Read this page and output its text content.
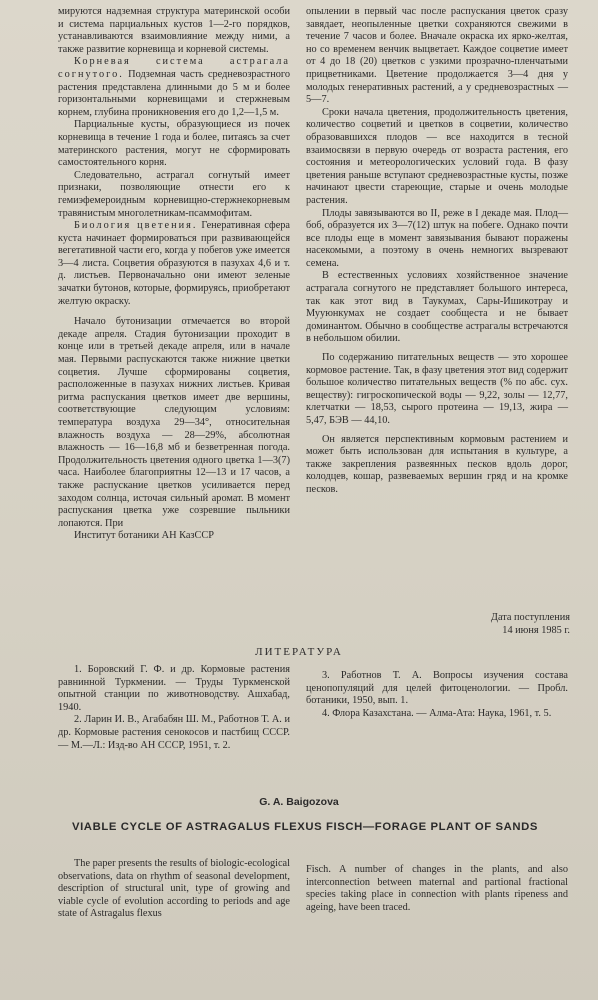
мируются надземная структура материнской особи и система парциальных кустов 1—2-го порядков, устанавливаются взаимовлияние между ними, а также развитие корневища и корневой системы.

Корневая система астрагала согнутого. Подземная часть средневозрастного растения представлена длинными до 5 м и более горизонтальными корневищами и стержневым корнем, глубина проникновения его до 1,2—1,5 м.

Парциальные кусты, образующиеся из почек корневища в течение 1 года и более, питаясь за счет материнского растения, могут не сформировать самостоятельного корня.

Следовательно, астрагал согнутый имеет признаки, позволяющие отнести его к гемиэфемероидным корневищно-стержнекорневым травянистым многолетникам-псаммофитам.

Биология цветения. Генеративная сфера куста начинает формироваться при развивающейся вегетативной части его, когда у побегов уже имеется 3—4 листа. Соцветия образуются в пазухах 4,6 и т. д. листьев. Первоначально они имеют зеленые зачатки бутонов, которые, формируясь, приобретают желтую окраску.

Начало бутонизации отмечается во второй декаде апреля. Стадия бутонизации проходит в конце или в третьей декаде апреля, или в начале мая. Первыми распускаются также нижние цветки соцветия. Лучше сформированы соцветия, расположенные в пазухах нижних листьев. Кривая ритма распускания цветков имеет две вершины, соответствующие следующим условиям: температура воздуха 29—34°, относительная влажность воздуха — 28—29%, абсолютная влажность — 16—16,8 мб и безветренная погода. Продолжительность цветения одного цветка 1—3(7) часа. Наиболее благоприятны 12—13 и 17 часов, а также распускание цветков усиливается перед заходом солнца, источая сильный аромат. В момент распускания цветка уже созревшие пыльники лопаются. При

Институт ботаники АН КазССР

опылении в первый час после распускания цветок сразу завядает, неопыленные цветки сохраняются свежими в течение 7 часов и более. Вначале окраска их ярко-желтая, но со временем венчик выцветает. Каждое соцветие имеет от 4 до 18 (20) цветков с узкими прозрачно-пленчатыми прицветниками. Цветение продолжается 3—4 дня у молодых генеративных растений, а у средневозрастных — 5—7.

Сроки начала цветения, продолжительность цветения, количество соцветий и цветков в соцветии, количество образовавшихся плодов — все находится в тесной взаимосвязи в первую очередь от возраста растения, его состояния и метеорологических условий года. В фазу цветения раньше вступают средневозрастные кусты, позже начинают цвести стареющие, старые и очень молодые растения.

Плоды завязываются во II, реже в I декаде мая. Плод—боб, образуется их 3—7(12) штук на побеге. Однако почти все плоды еще в момент завязывания бывают поражены насекомыми, а поэтому в очень немногих вызревают семена.

В естественных условиях хозяйственное значение астрагала согнутого не представляет большого интереса, так как этот вид в Таукумах, Сары-Ишикотрау и Мууюнкумах не создает сообщеста и не бывает доминантом. Обычно в сообществе астрагалы встречаются в небольшом обилии.

По содержанию питательных веществ — это хорошее кормовое растение. Так, в фазу цветения этот вид содержит большое количество питательных веществ (% по абс. сух. веществу): гигроскопической воды — 9,22, золы — 12,77, клетчатки — 18,53, сырого протеина — 19,13, жира — 5,47, БЭВ — 44,10.

Он является перспективным кормовым растением и может быть использован для испытания в культуре, а также закрепления развеянных песков вдоль дорог, колодцев, кошар, развеваемых вершин гряд и на кромке песков.

Дата поступления
14 июня 1985 г.
ЛИТЕРАТУРА

1. Боровский Г. Ф. и др. Кормовые растения равнинной Туркмении. — Труды Туркменской опытной станции по животноводству. Ашхабад, 1940.

2. Ларин И. В., Агабабян Ш. М., Работнов Т. А. и др. Кормовые растения сенокосов и пастбищ СССР. — М.—Л.: Изд-во АН СССР, 1951, т. 2.

3. Работнов Т. А. Вопросы изучения состава ценопопуляций для целей фитоценологии. — Пробл. ботаники, 1950, вып. 1.

4. Флора Казахстана. — Алма-Ата: Наука, 1961, т. 5.

G. A. Baigozova
VIABLE CYCLE OF ASTRAGALUS FLEXUS FISCH—FORAGE PLANT OF SANDS

The paper presents the results of biologic-ecological observations, data on rhythm of seasonal development, description of structural unit, type of growing and viable cycle of evolution according to periods and age state of Astragalus flexus

Fisch. A number of changes in the plants, and also interconnection between maternal and partional fractional species taking place in connection with plants ripeness and ageing, have been traced.
